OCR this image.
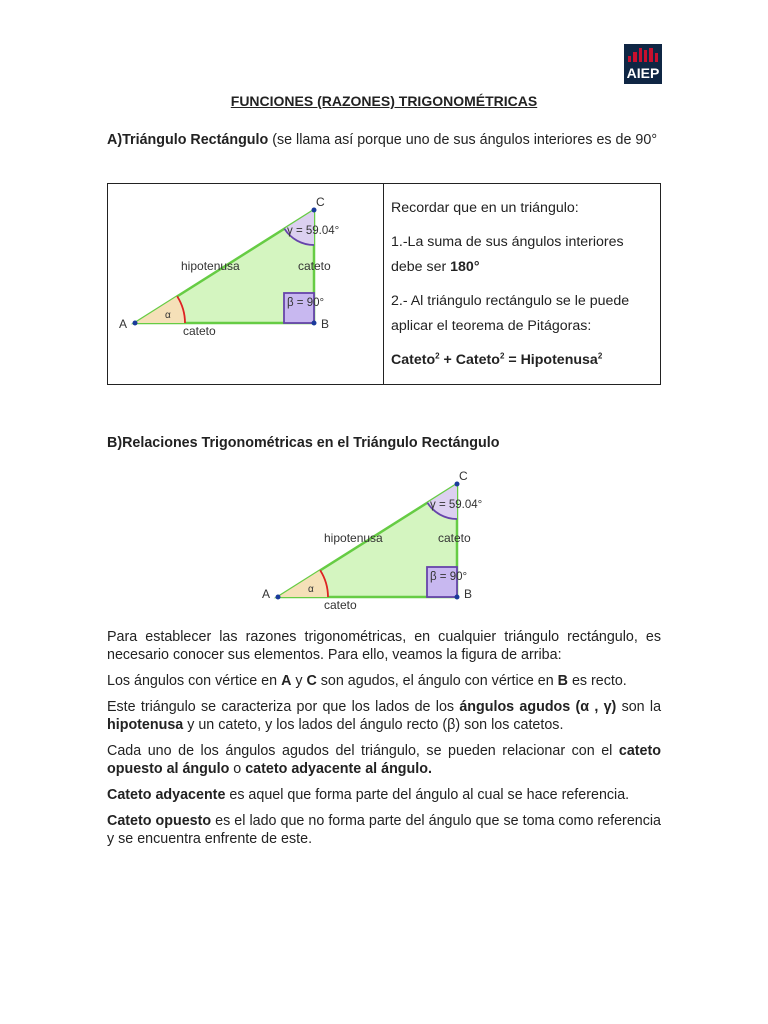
AIEP
FUNCIONES (RAZONES) TRIGONOMÉTRICAS
A)Triángulo Rectángulo (se llama así porque uno de sus ángulos interiores es de 90°

Recordar que en un triángulo:

1.-La suma de sus ángulos interiores debe ser 180°

2.- Al triángulo rectángulo se le puede aplicar el teorema de Pitágoras:

Cateto$^2$ + Cateto$^2$ = Hipotenusa$^2$

C
A	B
γ = 59.04°
β = 90°
α
hipotenusa	cateto
cateto
B)Relaciones Trigonométricas en el Triángulo Rectángulo
C
A	B
γ = 59.04°
β = 90°
α
hipotenusa	cateto
cateto

Para establecer las razones trigonométricas, en cualquier triángulo rectángulo, es necesario conocer sus elementos. Para ello, veamos la figura de arriba:

Los ángulos con vértice en A y C son agudos, el ángulo con vértice en B es recto.

Este triángulo se caracteriza por que los lados de los ángulos agudos (α , γ) son la hipotenusa y un cateto, y los lados del ángulo recto (β) son los catetos.

Cada uno de los ángulos agudos del triángulo, se pueden relacionar con el cateto opuesto al ángulo o cateto adyacente al ángulo.

Cateto adyacente es aquel que forma parte del ángulo al cual se hace referencia.

Cateto opuesto es el lado que no forma parte del ángulo que se toma como referencia y se encuentra enfrente de este.
